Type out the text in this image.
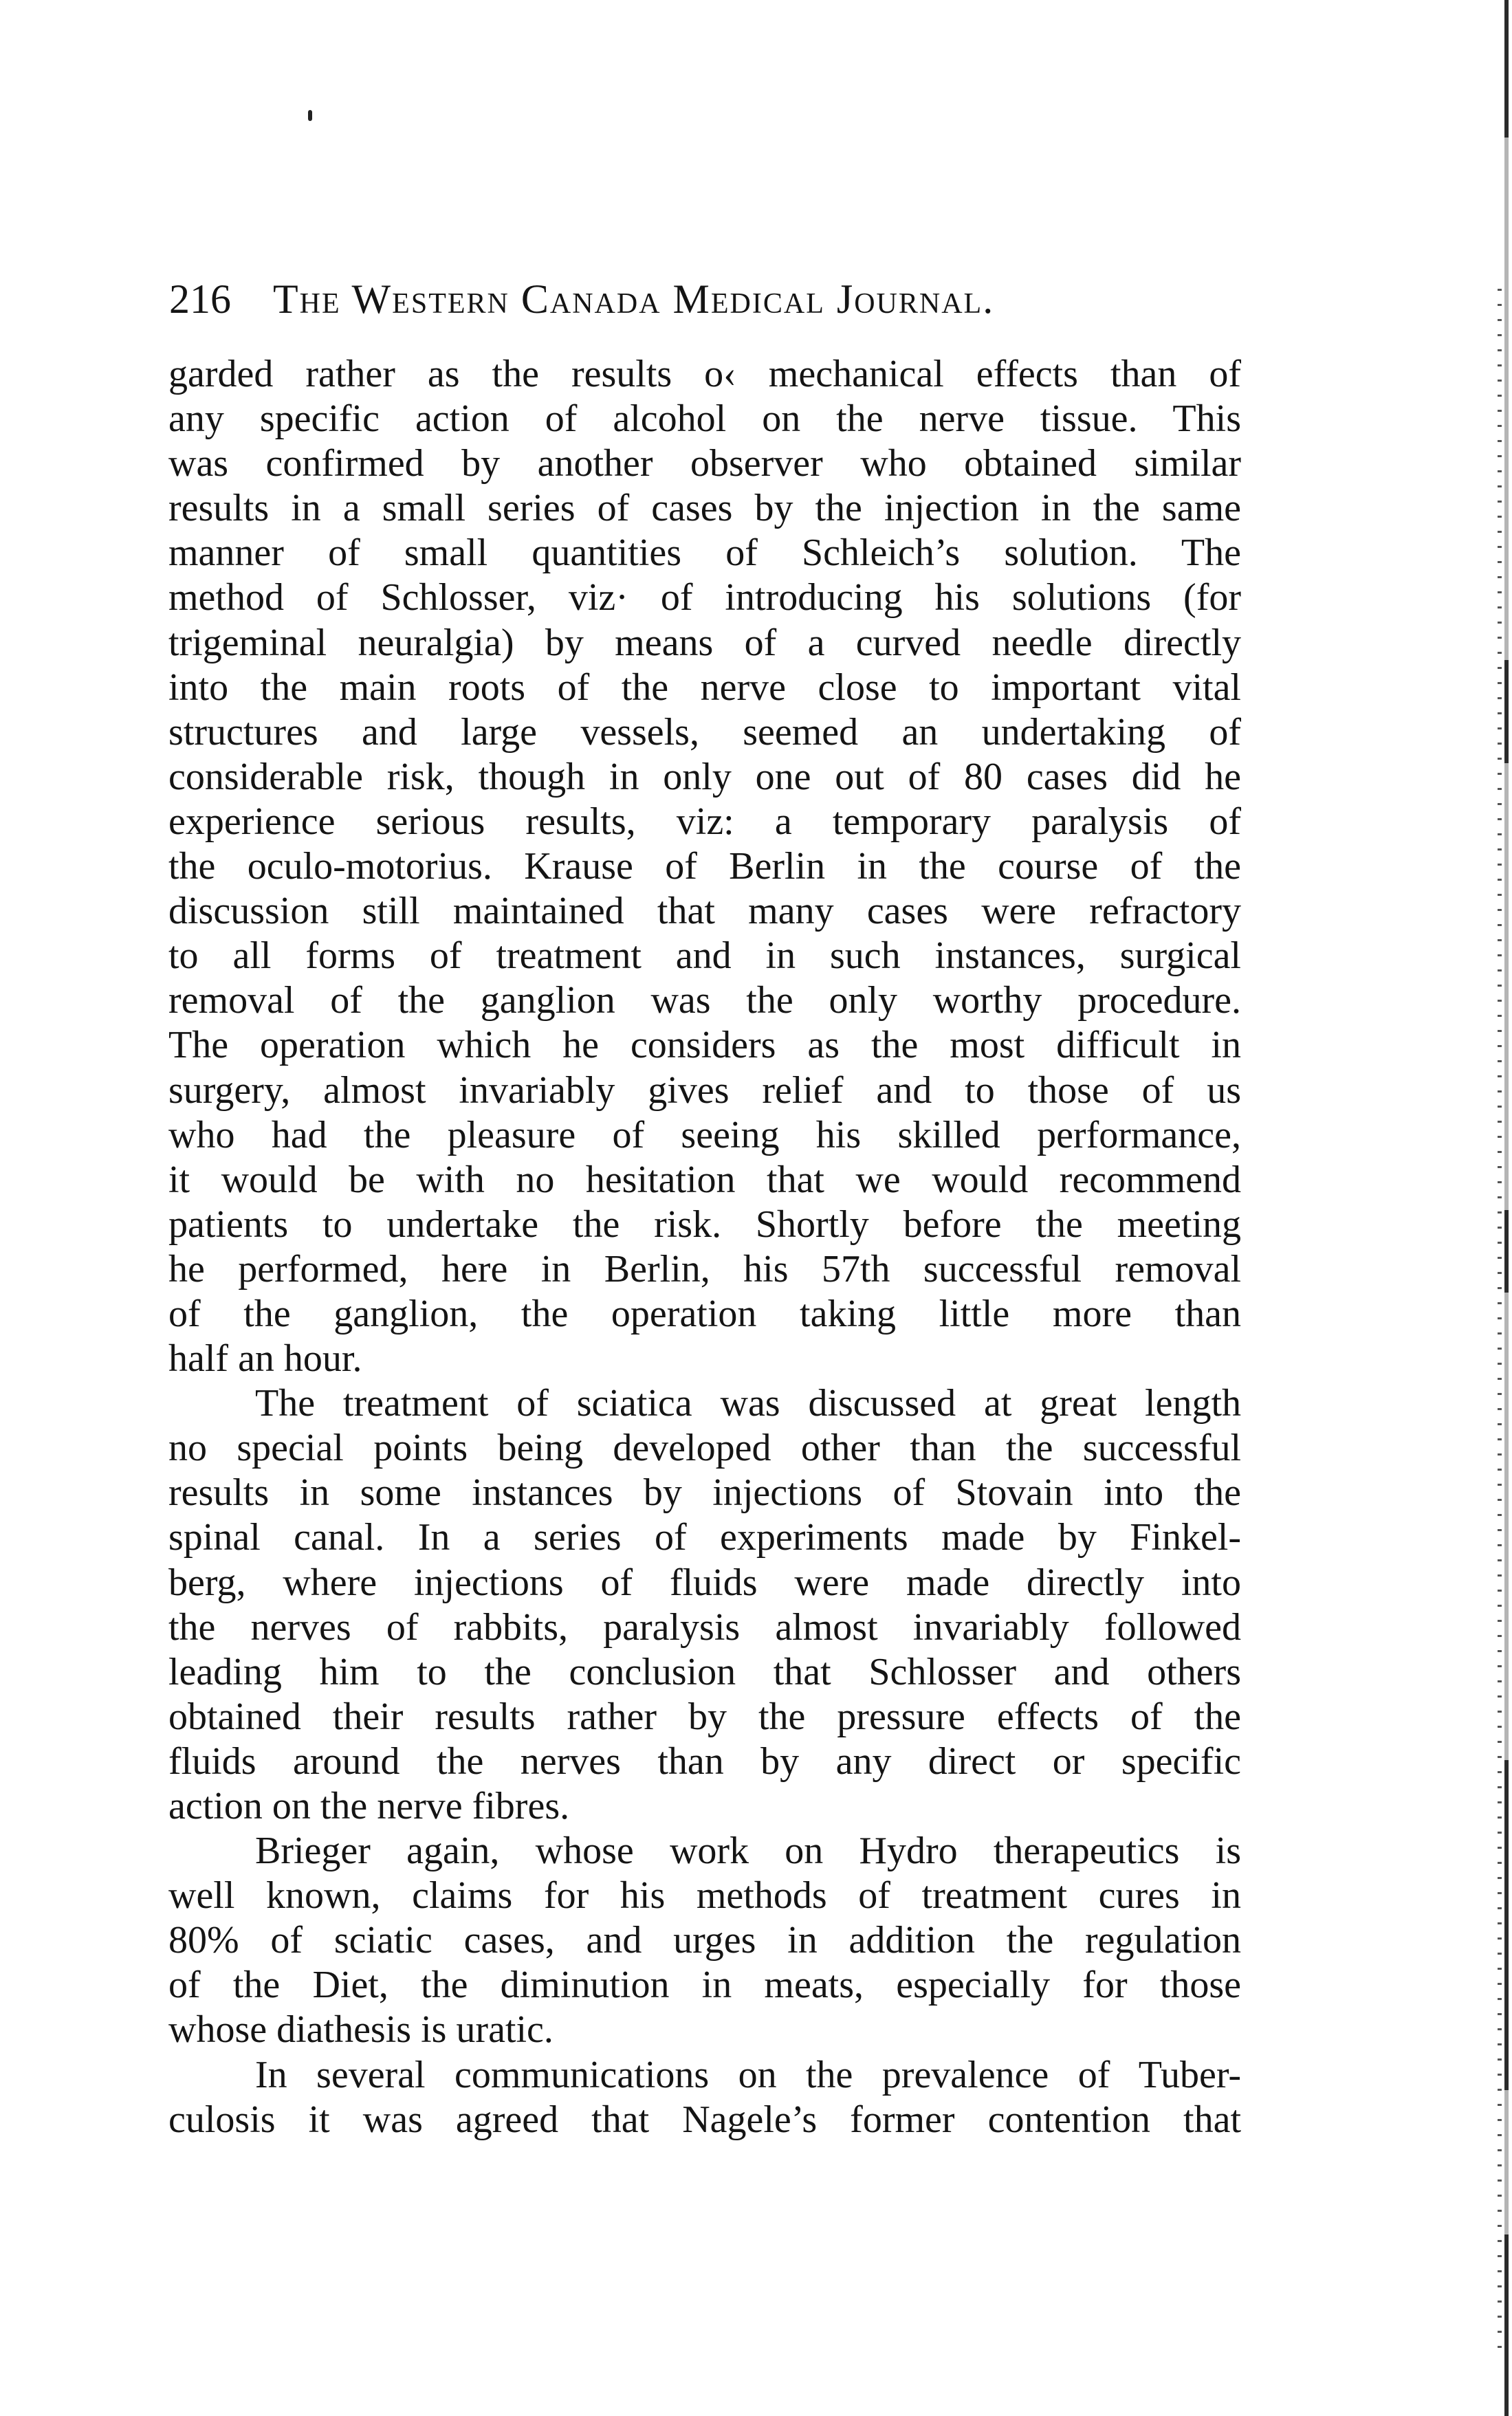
216 The Western Canada Medical Journal.
garded rather as the results o‹ mechanical effects than of
any specific action of alcohol on the nerve tissue. This
was confirmed by another observer who obtained similar
results in a small series of cases by the injection in the same
manner of small quantities of Schleich’s solution. The
method of Schlosser, viz· of introducing his solutions (for
trigeminal neuralgia) by means of a curved needle directly
into the main roots of the nerve close to important vital
structures and large vessels, seemed an undertaking of
considerable risk, though in only one out of 80 cases did he
experience serious results, viz: a temporary paralysis of
the oculo-motorius. Krause of Berlin in the course of the
discussion still maintained that many cases were refractory
to all forms of treatment and in such instances, surgical
removal of the ganglion was the only worthy procedure.
The operation which he considers as the most difficult in
surgery, almost invariably gives relief and to those of us
who had the pleasure of seeing his skilled performance,
it would be with no hesitation that we would recommend
patients to undertake the risk. Shortly before the meeting
he performed, here in Berlin, his 57th successful removal
of the ganglion, the operation taking little more than
half an hour.
The treatment of sciatica was discussed at great length
no special points being developed other than the successful
results in some instances by injections of Stovain into the
spinal canal. In a series of experiments made by Finkel-
berg, where injections of fluids were made directly into
the nerves of rabbits, paralysis almost invariably followed
leading him to the conclusion that Schlosser and others
obtained their results rather by the pressure effects of the
fluids around the nerves than by any direct or specific
action on the nerve fibres.
Brieger again, whose work on Hydro therapeutics is
well known, claims for his methods of treatment cures in
80% of sciatic cases, and urges in addition the regulation
of the Diet, the diminution in meats, especially for those
whose diathesis is uratic.
In several communications on the prevalence of Tuber-
culosis it was agreed that Nagele’s former contention that
